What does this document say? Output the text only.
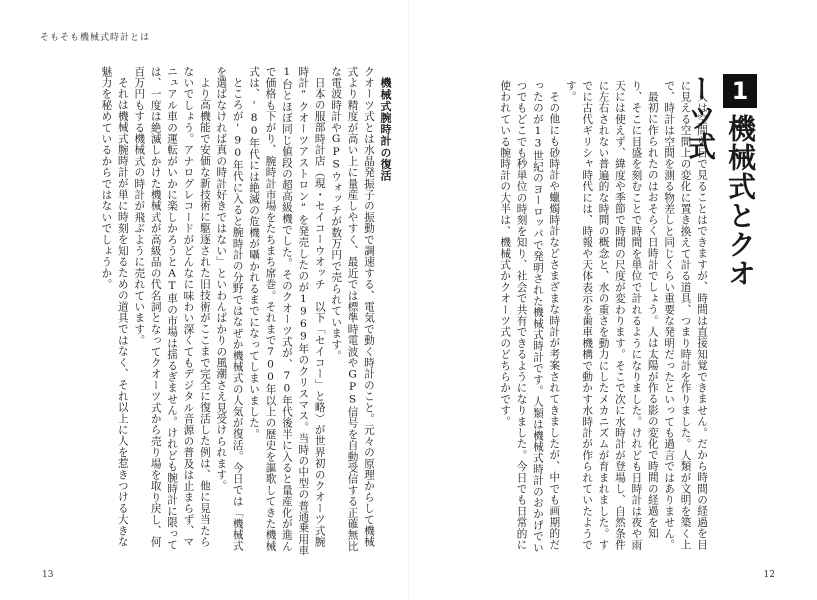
そもそも機械式時計とは

機械式腕時計の復活

クオーツ式とは水晶発振子の振動で調速する、電気で動く時計のこと。元々の原理からして機械式より精度が高い上に量産しやすく、最近では標準時電波やGPS信号を自動受信する正確無比な電波時計やGPSウォッチが数万円で売られています。

日本の服部時計店（現・セイコーウオッチ　以下「セイコー」と略）が世界初のクオーツ式腕時計“クオーツアストロン”を発売したのが1969年のクリスマス。当時の中型の普通乗用車1台とほぼ同じ値段の超高級機でした。そのクオーツ式が、70年代後半に入ると量産化が進んで価格も下がり、腕時計市場をたちまち席巻。それまで700年以上の歴史を謳歌してきた機械式は、'80年代には絶滅の危機が囁かれるまでになってしまいました。

ところが'90年代に入ると腕時計の分野ではなぜか機械式の人気が復活。今日では「機械式を選ばなければ真の時計好きではない」といわんばかりの風潮さえ見受けられます。

より高機能で安価な新技術に駆逐された旧技術がここまで完全に復活した例は、他に見当たらないでしょう。アナログレコードがどんなに味わい深くてもデジタル音源の普及は止まらず、マニュアル車の運転がいかに楽しかろうとAT車の市場は揺るぎません。けれども腕時計に限っては、一度は絶滅しかけた機械式が高級品の代名詞となってクオーツ式から売り場を取り戻し、何百万円もする機械式の時計が飛ぶように売れています。

それは機械式腕時計が単に時刻を知るための道具ではなく、それ以上に人を惹きつける大きな魅力を秘めているからではないでしょうか。	1機械式とクオーツ式

人は空間を目で見ることはできますが、時間は直接知覚できません。だから時間の経過を目に見える空間上の変化に置き換えて計る道具、つまり時計を作りました。人類が文明を築く上で、時計は空間を測る物差しと同じくらい重要な発明だったといっても過言ではありません。

最初に作られたのはおそらく日時計でしょう。人は太陽が作る影の変化で時間の経過を知り、そこに目盛を刻むことで時間を単位で計れるようになりました。けれども日時計は夜や雨天には使えず、緯度や季節で時間の尺度が変わります。そこで次に水時計が登場し、自然条件に左右されない普遍的な時間の概念と、水の重さを動力にしたメカニズムが育まれました。すでに古代ギリシャ時代には、時報や天体表示を歯車機構で動かす水時計が作られていたようです。

その他にも砂時計や蠟燭時計などさまざまな時計が考案されてきましたが、中でも画期的だったのが13世紀のヨーロッパで発明された機械式時計です。人類は機械式時計のおかげでいつでもどこでも秒単位の時刻を知り、社会で共有できるようになりました。今日でも日常的に使われている腕時計の大半は、機械式かクオーツ式のどちらかです。

13	12
